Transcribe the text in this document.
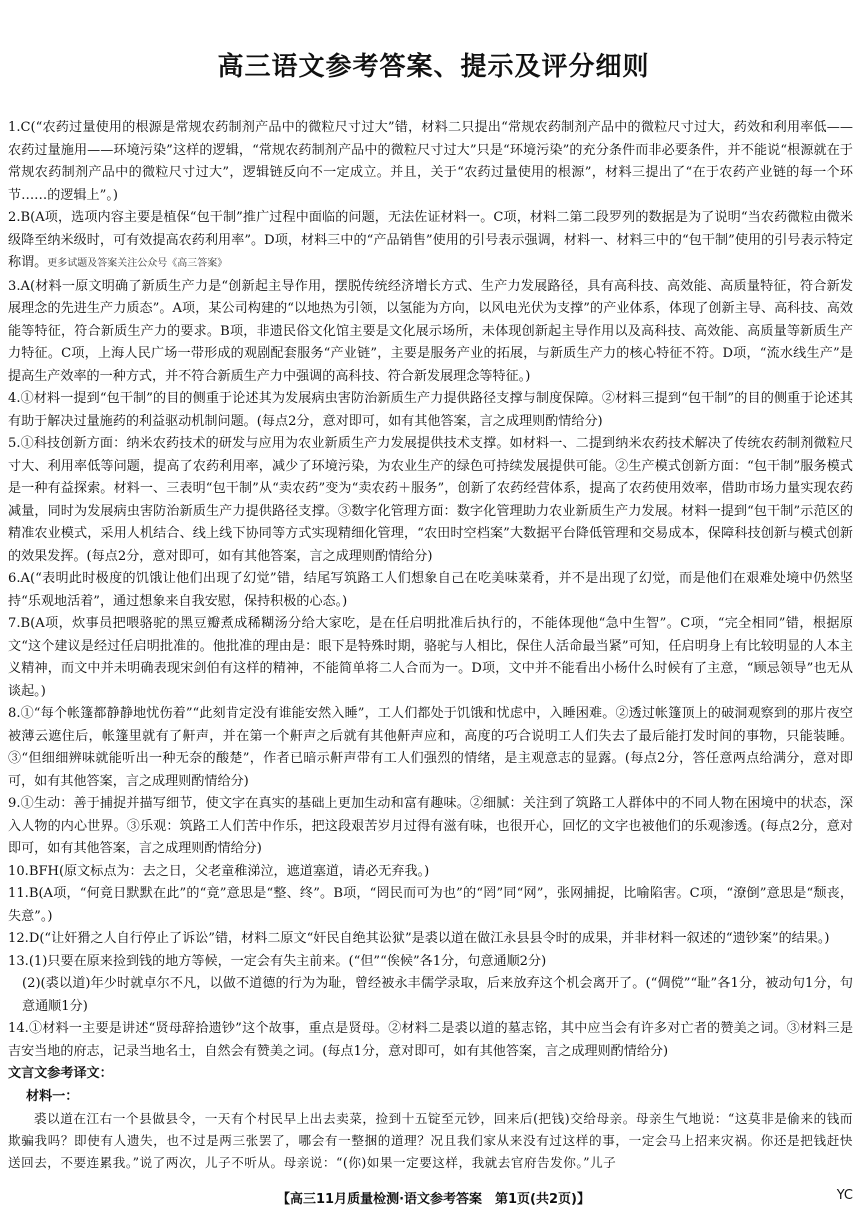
高三语文参考答案、提示及评分细则

1.C(“农药过量使用的根源是常规农药制剂产品中的微粒尺寸过大”错，材料二只提出“常规农药制剂产品中的微粒尺寸过大，药效和利用率低——农药过量施用——环境污染”这样的逻辑，“常规农药制剂产品中的微粒尺寸过大”只是“环境污染”的充分条件而非必要条件，并不能说“根源就在于常规农药制剂产品中的微粒尺寸过大”，逻辑链反向不一定成立。并且，关于“农药过量使用的根源”，材料三提出了“在于农药产业链的每一个环节……的逻辑上”。)

2.B(A项，选项内容主要是植保“包干制”推广过程中面临的问题，无法佐证材料一。C项，材料二第二段罗列的数据是为了说明“当农药微粒由微米级降至纳米级时，可有效提高农药利用率”。D项，材料三中的“产品销售”使用的引号表示强调，材料一、材料三中的“包干制”使用的引号表示特定称谓。更多试题及答案关注公众号《高三答案》

3.A(材料一原文明确了新质生产力是“创新起主导作用，摆脱传统经济增长方式、生产力发展路径，具有高科技、高效能、高质量特征，符合新发展理念的先进生产力质态”。A项，某公司构建的“以地热为引领，以氢能为方向，以风电光伏为支撑”的产业体系，体现了创新主导、高科技、高效能等特征，符合新质生产力的要求。B项，非遗民俗文化馆主要是文化展示场所，未体现创新起主导作用以及高科技、高效能、高质量等新质生产力特征。C项，上海人民广场一带形成的观剧配套服务“产业链”，主要是服务产业的拓展，与新质生产力的核心特征不符。D项，“流水线生产”是提高生产效率的一种方式，并不符合新质生产力中强调的高科技、符合新发展理念等特征。)

4.①材料一提到“包干制”的目的侧重于论述其为发展病虫害防治新质生产力提供路径支撑与制度保障。②材料三提到“包干制”的目的侧重于论述其有助于解决过量施药的利益驱动机制问题。(每点2分，意对即可，如有其他答案，言之成理则酌情给分)

5.①科技创新方面：纳米农药技术的研发与应用为农业新质生产力发展提供技术支撑。如材料一、二提到纳米农药技术解决了传统农药制剂微粒尺寸大、利用率低等问题，提高了农药利用率，减少了环境污染，为农业生产的绿色可持续发展提供可能。②生产模式创新方面：“包干制”服务模式是一种有益探索。材料一、三表明“包干制”从“卖农药”变为“卖农药＋服务”，创新了农药经营体系，提高了农药使用效率，借助市场力量实现农药减量，同时为发展病虫害防治新质生产力提供路径支撑。③数字化管理方面：数字化管理助力农业新质生产力发展。材料一提到“包干制”示范区的精准农业模式，采用人机结合、线上线下协同等方式实现精细化管理，“农田时空档案”大数据平台降低管理和交易成本，保障科技创新与模式创新的效果发挥。(每点2分，意对即可，如有其他答案，言之成理则酌情给分)

6.A(“表明此时极度的饥饿让他们出现了幻觉”错，结尾写筑路工人们想象自己在吃美味菜肴，并不是出现了幻觉，而是他们在艰难处境中仍然坚持“乐观地活着”，通过想象来自我安慰，保持积极的心态。)

7.B(A项，炊事员把喂骆驼的黑豆瓣煮成稀糊汤分给大家吃，是在任启明批准后执行的，不能体现他“急中生智”。C项，“完全相同”错，根据原文“这个建议是经过任启明批准的。他批准的理由是：眼下是特殊时期，骆驼与人相比，保住人活命最当紧”可知，任启明身上有比较明显的人本主义精神，而文中并未明确表现宋剑伯有这样的精神，不能简单将二人合而为一。D项，文中并不能看出小杨什么时候有了主意，“顾忌领导”也无从谈起。)

8.①“每个帐篷都静静地忧伤着”“此刻肯定没有谁能安然入睡”，工人们都处于饥饿和忧虑中，入睡困难。②透过帐篷顶上的破洞观察到的那片夜空被薄云遮住后，帐篷里就有了鼾声，并在第一个鼾声之后就有其他鼾声应和，高度的巧合说明工人们失去了最后能打发时间的事物，只能装睡。③“但细细辨味就能听出一种无奈的酸楚”，作者已暗示鼾声带有工人们强烈的情绪，是主观意志的显露。(每点2分，答任意两点给满分，意对即可，如有其他答案，言之成理则酌情给分)

9.①生动：善于捕捉并描写细节，使文字在真实的基础上更加生动和富有趣味。②细腻：关注到了筑路工人群体中的不同人物在困境中的状态，深入人物的内心世界。③乐观：筑路工人们苦中作乐，把这段艰苦岁月过得有滋有味，也很开心，回忆的文字也被他们的乐观渗透。(每点2分，意对即可，如有其他答案，言之成理则酌情给分)

10.BFH(原文标点为：去之日，父老童稚涕泣，遮道塞道，请必无弃我。)

11.B(A项，“何竟日默默在此”的“竟”意思是“整、终”。B项，“罔民而可为也”的“罔”同“网”，张网捕捉，比喻陷害。C项，“潦倒”意思是“颓丧，失意”。)

12.D(“让奸猾之人自行停止了诉讼”错，材料二原文“奸民自绝其讼狱”是裘以道在做江永县县令时的成果，并非材料一叙述的“遗钞案”的结果。)

13.(1)只要在原来捡到钱的地方等候，一定会有失主前来。(“但”“俟候”各1分，句意通顺2分)

(2)(裘以道)年少时就卓尔不凡，以做不道德的行为为耻，曾经被永丰儒学录取，后来放弃这个机会离开了。(“倜傥”“耻”各1分，被动句1分，句意通顺1分)

14.①材料一主要是讲述“贤母辞拾遗钞”这个故事，重点是贤母。②材料二是裘以道的墓志铭，其中应当会有许多对亡者的赞美之词。③材料三是吉安当地的府志，记录当地名士，自然会有赞美之词。(每点1分，意对即可，如有其他答案，言之成理则酌情给分)

文言文参考译文：

材料一：

裘以道在江右一个县做县令，一天有个村民早上出去卖菜，捡到十五锭至元钞，回来后(把钱)交给母亲。母亲生气地说：“这莫非是偷来的钱而欺骗我吗？即使有人遗失，也不过是两三张罢了，哪会有一整捆的道理？况且我们家从来没有过这样的事，一定会马上招来灾祸。你还是把钱赶快送回去，不要连累我。”说了两次，儿子不听从。母亲说：“(你)如果一定要这样，我就去官府告发你。”儿子

【高三11月质量检测·语文参考答案　第1页(共2页)】	YC
